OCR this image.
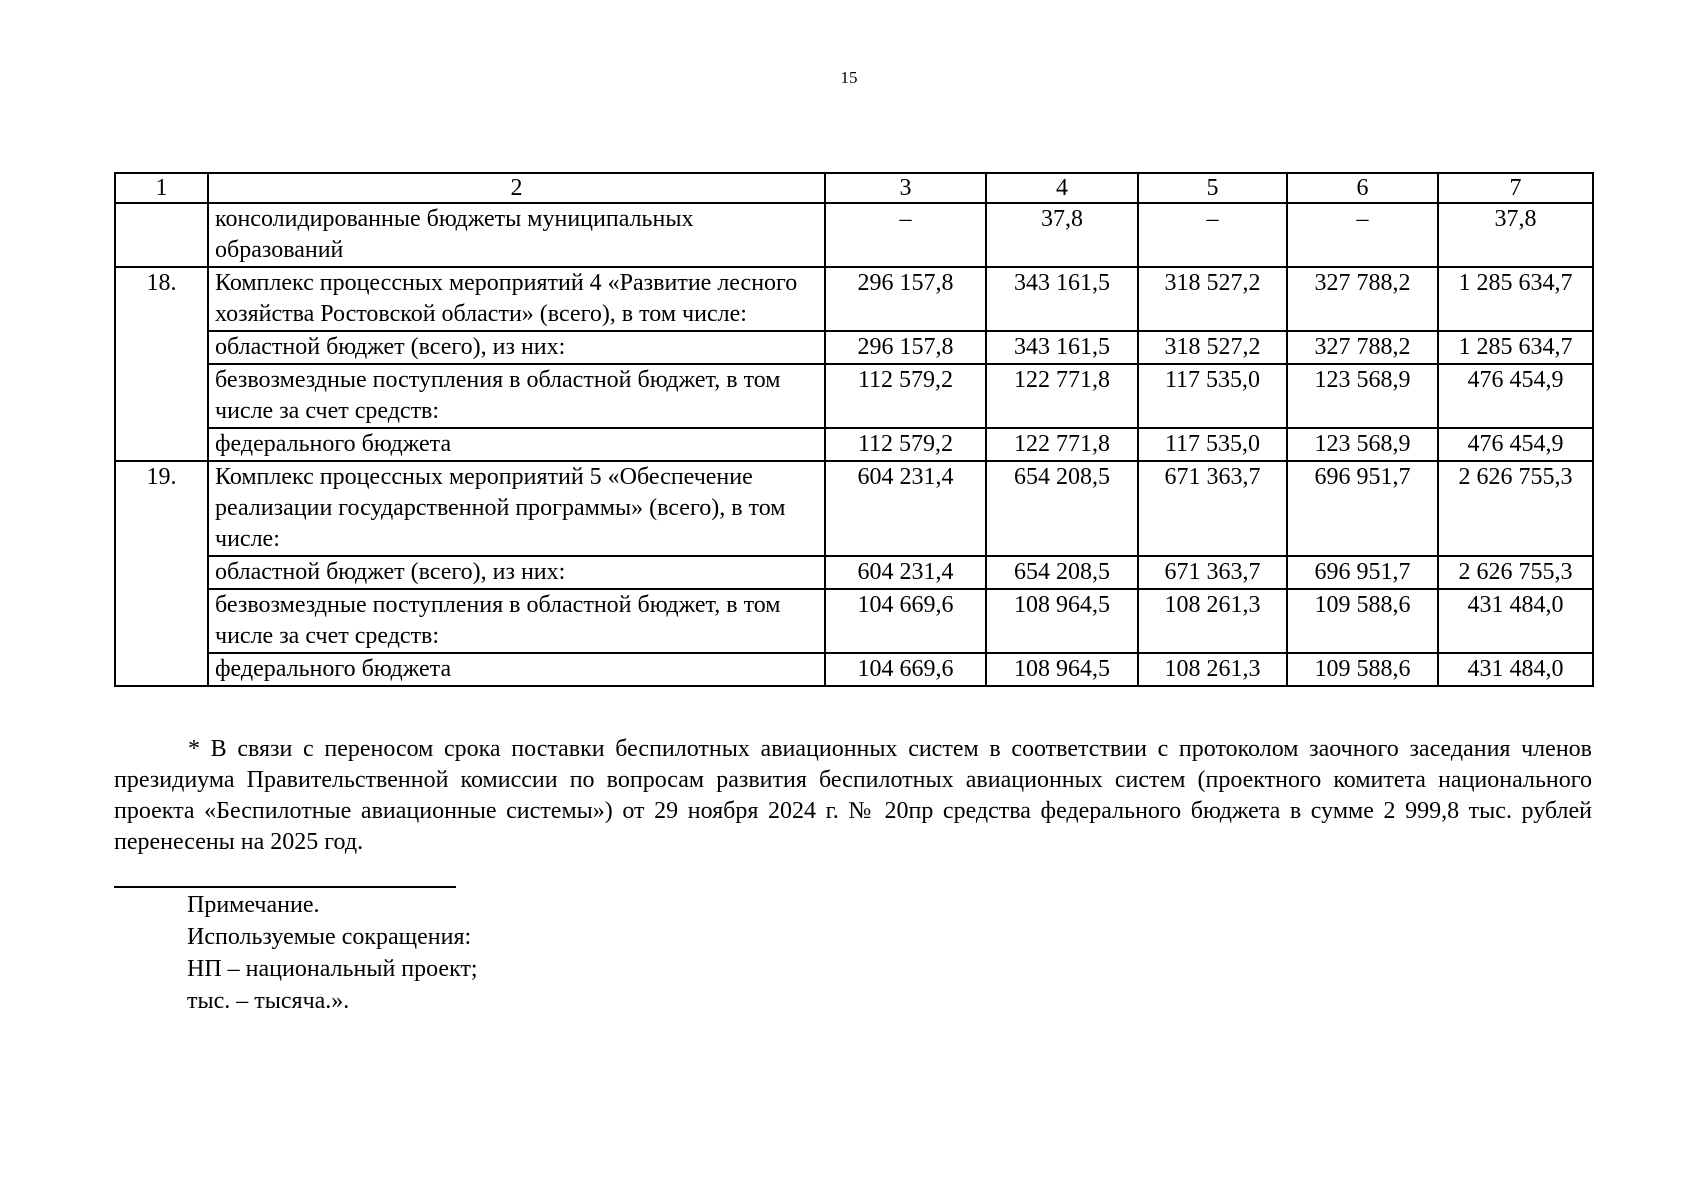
15
1	2	3	4	5	6	7
	консолидированные бюджеты муниципальных образований	–	37,8	–	–	37,8
18.	Комплекс процессных мероприятий 4 «Развитие лесного хозяйства Ростовской области» (всего), в том числе:	296 157,8	343 161,5	318 527,2	327 788,2	1 285 634,7
	областной бюджет (всего), из них:	296 157,8	343 161,5	318 527,2	327 788,2	1 285 634,7
	безвозмездные поступления в областной бюджет, в том числе за счет средств:	112 579,2	122 771,8	117 535,0	123 568,9	476 454,9
	федерального бюджета	112 579,2	122 771,8	117 535,0	123 568,9	476 454,9
19.	Комплекс процессных мероприятий 5 «Обеспечение реализации государственной программы» (всего), в том числе:	604 231,4	654 208,5	671 363,7	696 951,7	2 626 755,3
	областной бюджет (всего), из них:	604 231,4	654 208,5	671 363,7	696 951,7	2 626 755,3
	безвозмездные поступления в областной бюджет, в том числе за счет средств:	104 669,6	108 964,5	108 261,3	109 588,6	431 484,0
	федерального бюджета	104 669,6	108 964,5	108 261,3	109 588,6	431 484,0
* В связи с переносом срока поставки беспилотных авиационных систем в соответствии с протоколом заочного заседания членов президиума Правительственной комиссии по вопросам развития беспилотных авиационных систем (проектного комитета национального проекта «Беспилотные авиационные системы») от 29 ноября 2024 г. № 20пр средства федерального бюджета в сумме 2 999,8 тыс. рублей перенесены на 2025 год.
Примечание.
Используемые сокращения:
НП – национальный проект;
тыс. – тысяча.».
